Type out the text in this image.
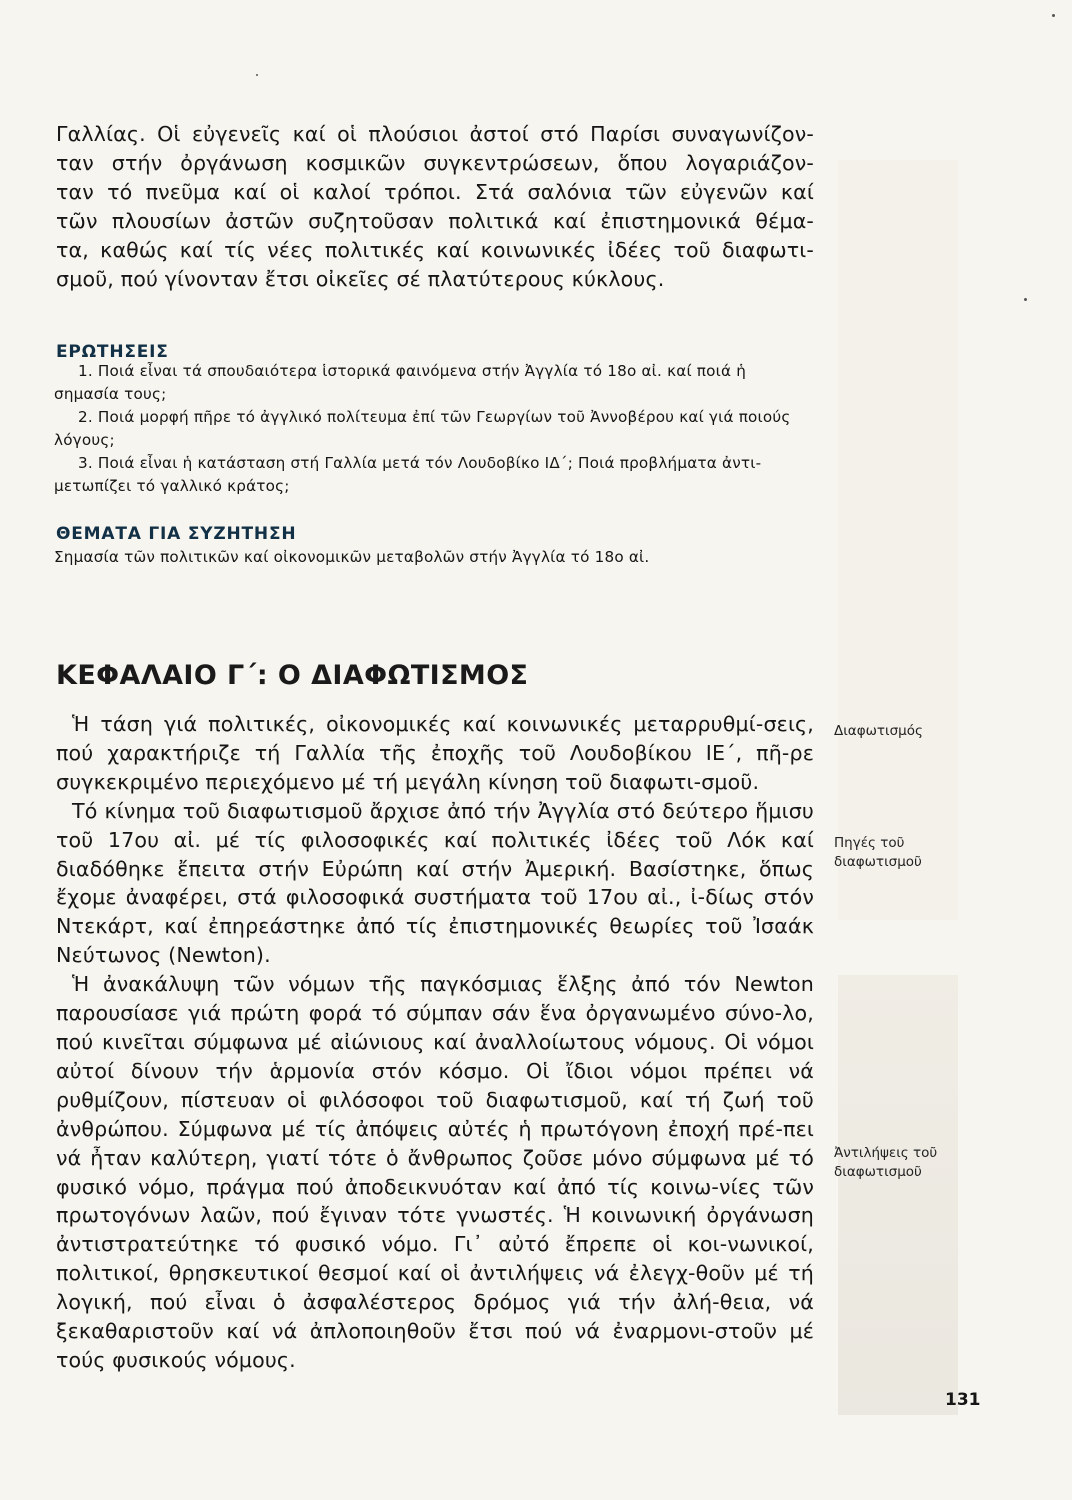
Γαλλίας. Οἱ εὐγενεῖς καί οἱ πλούσιοι ἀστοί στό Παρίσι συναγωνίζον-

ταν στήν ὀργάνωση κοσμικῶν συγκεντρώσεων, ὅπου λογαριάζον-

ταν τό πνεῦμα καί οἱ καλοί τρόποι. Στά σαλόνια τῶν εὐγενῶν καί

τῶν πλουσίων ἀστῶν συζητοῦσαν πολιτικά καί ἐπιστημονικά θέμα-

τα, καθώς καί τίς νέες πολιτικές καί κοινωνικές ἰδέες τοῦ διαφωτι-

σμοῦ, πού γίνονταν ἔτσι οἰκεῖες σέ πλατύτερους κύκλους.

ΕΡΩΤΗΣΕΙΣ

1. Ποιά εἶναι τά σπουδαιότερα ἱστορικά φαινόμενα στήν Ἀγγλία τό 18ο αἰ. καί ποιά ἡ σημασία τους;

2. Ποιά μορφή πῆρε τό ἀγγλικό πολίτευμα ἐπί τῶν Γεωργίων τοῦ Ἀννοβέρου καί γιά ποιούς λόγους;

3. Ποιά εἶναι ἡ κατάσταση στή Γαλλία μετά τόν Λουδοβίκο ΙΔ΄; Ποιά προβλήματα ἀντι-μετωπίζει τό γαλλικό κράτος;

ΘΕΜΑΤΑ ΓΙΑ ΣΥΖΗΤΗΣΗ

Σημασία τῶν πολιτικῶν καί οἰκονομικῶν μεταβολῶν στήν Ἀγγλία τό 18ο αἰ.

ΚΕΦΑΛΑΙΟ Γ΄: Ο ΔΙΑΦΩΤΙΣΜΟΣ

Ἡ τάση γιά πολιτικές, οἰκονομικές καί κοινωνικές μεταρρυθμί-σεις, πού χαρακτήριζε τή Γαλλία τῆς ἐποχῆς τοῦ Λουδοβίκου ΙΕ΄, πῆ-ρε συγκεκριμένο περιεχόμενο μέ τή μεγάλη κίνηση τοῦ διαφωτι-σμοῦ.

Τό κίνημα τοῦ διαφωτισμοῦ ἄρχισε ἀπό τήν Ἀγγλία στό δεύτερο ἥμισυ τοῦ 17ου αἰ. μέ τίς φιλοσοφικές καί πολιτικές ἰδέες τοῦ Λόκ καί διαδόθηκε ἔπειτα στήν Εὐρώπη καί στήν Ἀμερική. Βασίστηκε, ὅπως ἔχομε ἀναφέρει, στά φιλοσοφικά συστήματα τοῦ 17ου αἰ., ἰ-δίως στόν Ντεκάρτ, καί ἐπηρεάστηκε ἀπό τίς ἐπιστημονικές θεωρίες τοῦ Ἰσαάκ Νεύτωνος (Newton).

Ἡ ἀνακάλυψη τῶν νόμων τῆς παγκόσμιας ἕλξης ἀπό τόν Newton παρουσίασε γιά πρώτη φορά τό σύμπαν σάν ἕνα ὀργανωμένο σύνο-λο, πού κινεῖται σύμφωνα μέ αἰώνιους καί ἀναλλοίωτους νόμους. Οἱ νόμοι αὐτοί δίνουν τήν ἁρμονία στόν κόσμο. Οἱ ἴδιοι νόμοι πρέπει νά ρυθμίζουν, πίστευαν οἱ φιλόσοφοι τοῦ διαφωτισμοῦ, καί τή ζωή τοῦ ἀνθρώπου. Σύμφωνα μέ τίς ἀπόψεις αὐτές ἡ πρωτόγονη ἐποχή πρέ-πει νά ἦταν καλύτερη, γιατί τότε ὁ ἄνθρωπος ζοῦσε μόνο σύμφωνα μέ τό φυσικό νόμο, πράγμα πού ἀποδεικνυόταν καί ἀπό τίς κοινω-νίες τῶν πρωτογόνων λαῶν, πού ἔγιναν τότε γνωστές. Ἡ κοινωνική ὀργάνωση ἀντιστρατεύτηκε τό φυσικό νόμο. Γι᾿ αὐτό ἔπρεπε οἱ κοι-νωνικοί, πολιτικοί, θρησκευτικοί θεσμοί καί οἱ ἀντιλήψεις νά ἐλεγχ-θοῦν μέ τή λογική, πού εἶναι ὁ ἀσφαλέστερος δρόμος γιά τήν ἀλή-θεια, νά ξεκαθαριστοῦν καί νά ἀπλοποιηθοῦν ἔτσι πού νά ἐναρμονι-στοῦν μέ τούς φυσικούς νόμους.

Διαφωτισμός
Πηγές τοῦ
διαφωτισμοῦ
Ἀντιλήψεις τοῦ
διαφωτισμοῦ
131
